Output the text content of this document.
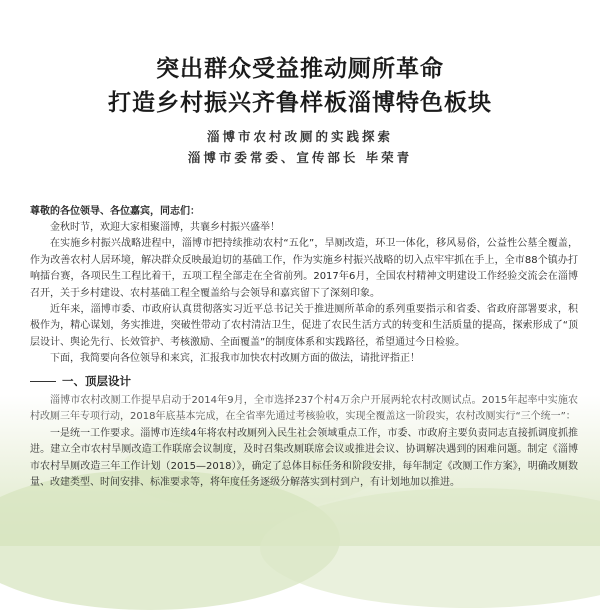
突出群众受益推动厕所革命
打造乡村振兴齐鲁样板淄博特色板块
淄博市农村改厕的实践探索
淄博市委常委、宣传部长 毕荣青
尊敬的各位领导、各位嘉宾，同志们：
金秋时节，欢迎大家相聚淄博，共襄乡村振兴盛举！
在实施乡村振兴战略进程中，淄博市把持续推动农村“五化”，旱厕改造，环卫一体化，移风易俗，公益性公墓全覆盖，作为改善农村人居环境，解决群众反映最迫切的基础工作，作为实施乡村振兴战略的切入点牢牢抓在手上，全市88个镇办打响擂台赛，各项民生工程比着干，五项工程全部走在全省前列。2017年6月，全国农村精神文明建设工作经验交流会在淄博召开，关于乡村建设、农村基础工程全覆盖给与会领导和嘉宾留下了深刻印象。
近年来，淄博市委、市政府认真贯彻落实习近平总书记关于推进厕所革命的系列重要指示和省委、省政府部署要求，积极作为，精心谋划，务实推进，突破性带动了农村清洁卫生，促进了农民生活方式的转变和生活质量的提高，探索形成了“顶层设计、舆论先行、长效管护、考核激励、全面覆盖”的制度体系和实践路径，希望通过今日检验。
下面，我简要向各位领导和来宾，汇报我市加快农村改厕方面的做法，请批评指正！
一、顶层设计
淄博市农村改厕工作提早启动于2014年9月，全市选择237个村4万余户开展两轮农村改厕试点。2015年起率中实施农村改厕三年专项行动，2018年底基本完成，在全省率先通过考核验收，实现全覆盖这一阶段实，农村改厕实行“三个统一”：
一是统一工作要求。淄博市连续4年将农村改厕列入民生社会领域重点工作，市委、市政府主要负责同志直接抓调度抓推进。建立全市农村旱厕改造工作联席会议制度，及时召集改厕联席会议或推进会议、协调解决遇到的困难问题。制定《淄博市农村旱厕改造三年工作计划（2015—2018）》，确定了总体目标任务和阶段安排，每年制定《改厕工作方案》，明确改厕数量、改建类型、时间安排、标准要求等，将年度任务逐级分解落实到村到户，有计划地加以推进。
